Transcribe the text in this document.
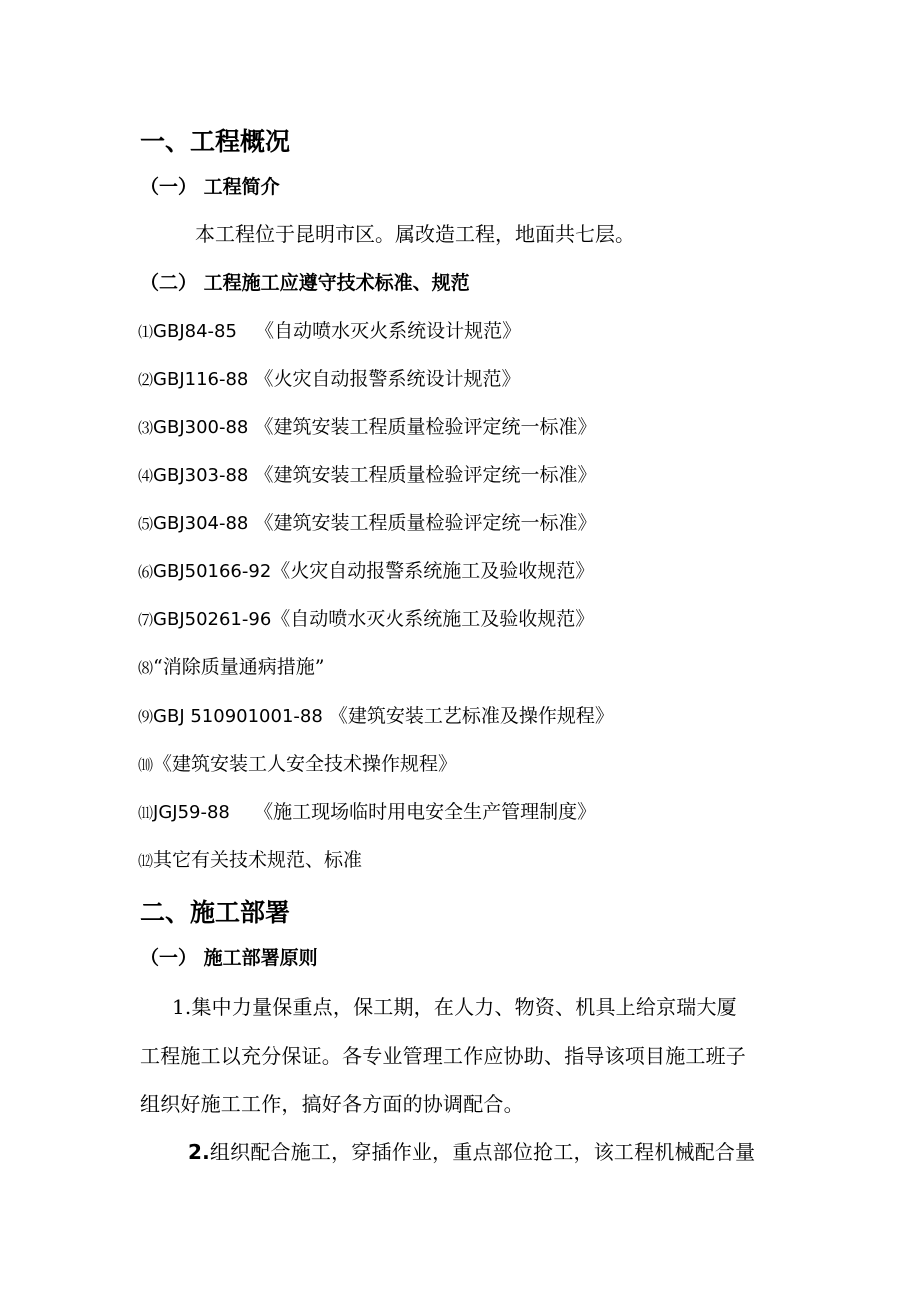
一、工程概况
（一） 工程简介
本工程位于昆明市区。属改造工程，地面共七层。
（二） 工程施工应遵守技术标准、规范
⑴GBJ84-85 《自动喷水灭火系统设计规范》
⑵GBJ116-88 《火灾自动报警系统设计规范》
⑶GBJ300-88 《建筑安装工程质量检验评定统一标准》
⑷GBJ303-88 《建筑安装工程质量检验评定统一标准》
⑸GBJ304-88 《建筑安装工程质量检验评定统一标准》
⑹GBJ50166-92《火灾自动报警系统施工及验收规范》
⑺GBJ50261-96《自动喷水灭火系统施工及验收规范》
⑻“消除质量通病措施”
⑼GBJ 510901001-88 《建筑安装工艺标准及操作规程》
⑽《建筑安装工人安全技术操作规程》
⑾JGJ59-88 《施工现场临时用电安全生产管理制度》
⑿其它有关技术规范、标准
二、施工部署
（一） 施工部署原则
1.集中力量保重点，保工期，在人力、物资、机具上给京瑞大厦
工程施工以充分保证。各专业管理工作应协助、指导该项目施工班子
组织好施工工作，搞好各方面的协调配合。
2.组织配合施工，穿插作业，重点部位抢工，该工程机械配合量
